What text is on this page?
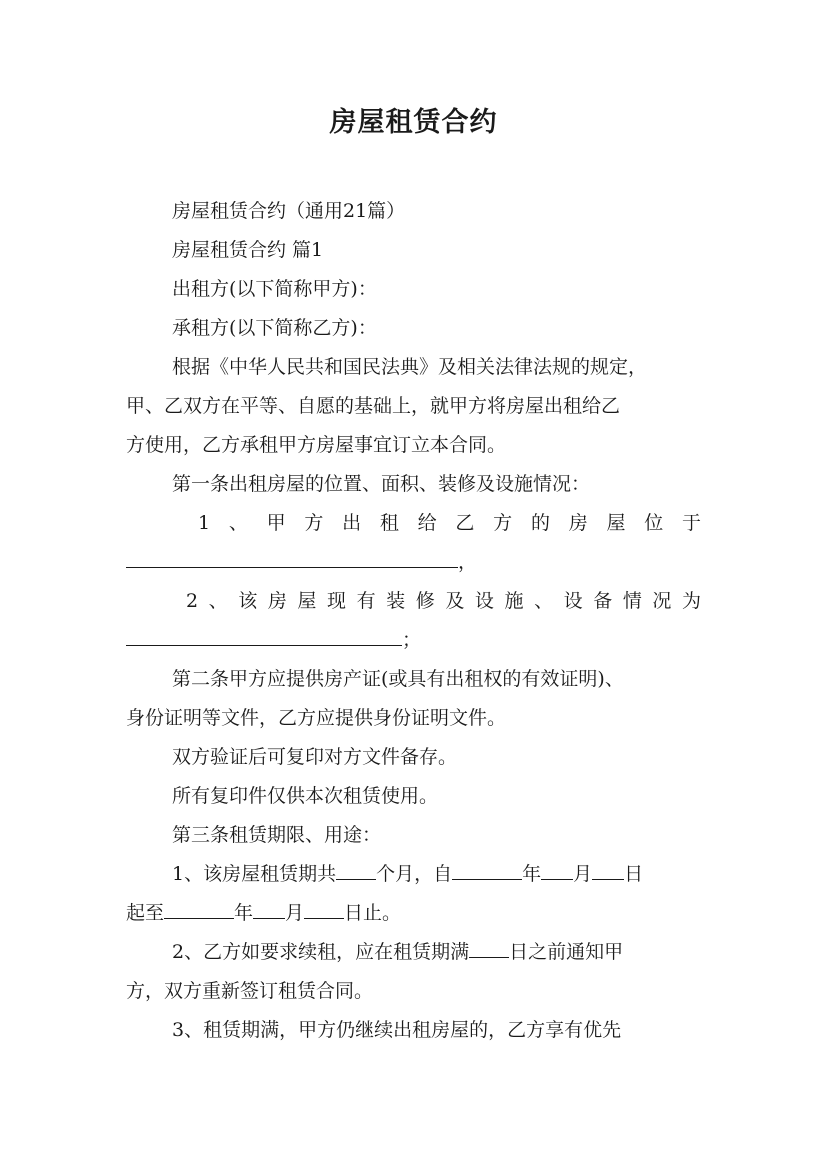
房屋租赁合约
房屋租赁合约（通用21篇）
房屋租赁合约 篇1
出租方(以下简称甲方)：
承租方(以下简称乙方)：
根据《中华人民共和国民法典》及相关法律法规的规定，
甲、乙双方在平等、自愿的基础上，就甲方将房屋出租给乙
方使用，乙方承租甲方房屋事宜订立本合同。
第一条出租房屋的位置、面积、装修及设施情况：
1、甲方出租给乙方的房屋位于
，
2、该房屋现有装修及设施、设备情况为
；
第二条甲方应提供房产证(或具有出租权的有效证明)、
身份证明等文件，乙方应提供身份证明文件。
双方验证后可复印对方文件备存。
所有复印件仅供本次租赁使用。
第三条租赁期限、用途：
1、该房屋租赁期共 个月，自	年 月 日
起至	年 月 日止。
2、乙方如要求续租，应在租赁期满 日之前通知甲
方，双方重新签订租赁合同。
3、租赁期满，甲方仍继续出租房屋的，乙方享有优先
